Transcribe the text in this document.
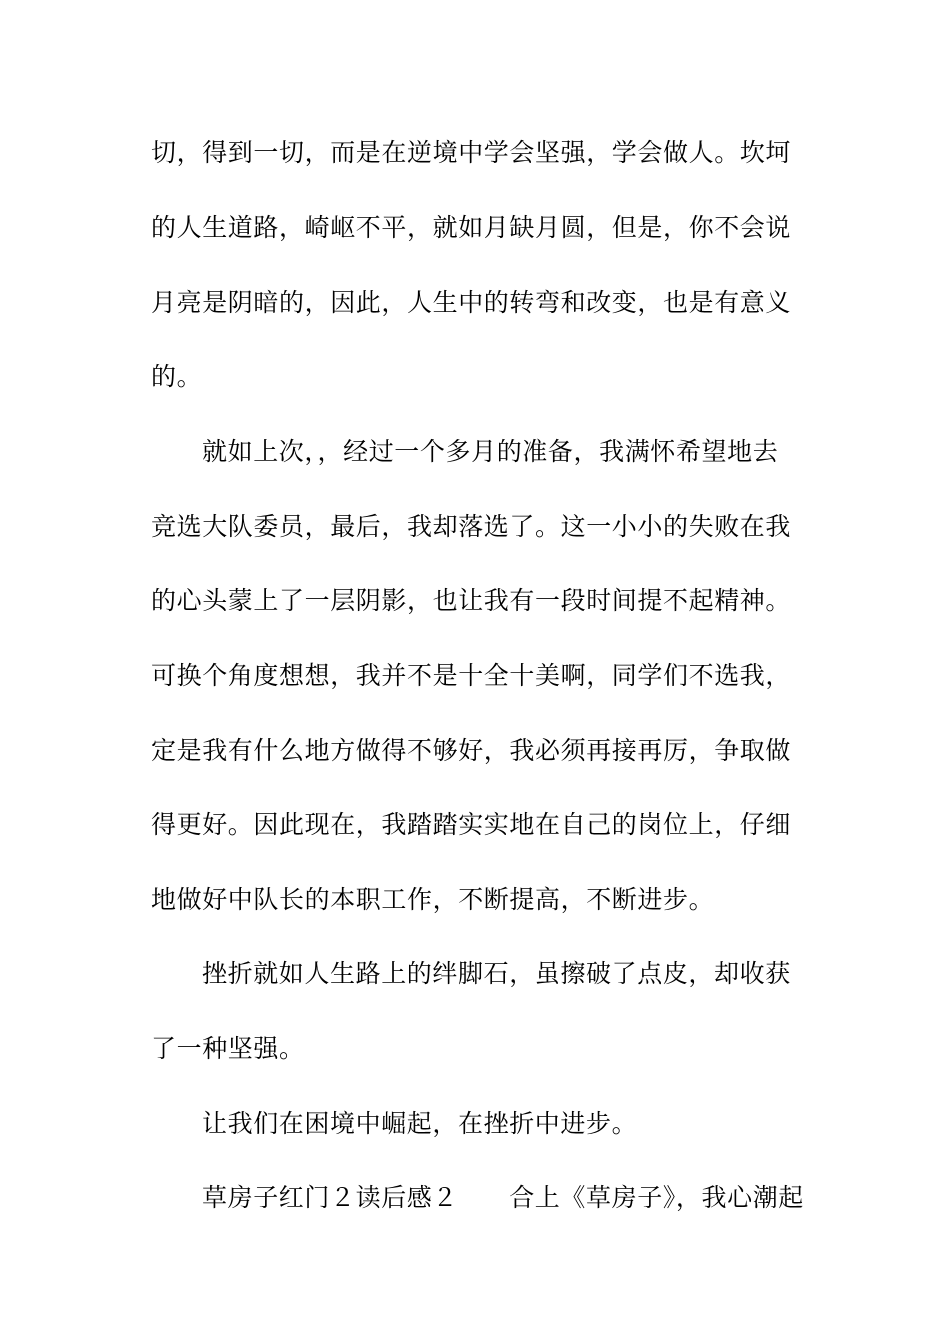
切，得到一切，而是在逆境中学会坚强，学会做人。坎坷
的人生道路，崎岖不平，就如月缺月圆，但是，你不会说
月亮是阴暗的，因此，人生中的转弯和改变，也是有意义
的。
就如上次，，经过一个多月的准备，我满怀希望地去
竞选大队委员，最后，我却落选了。这一小小的失败在我
的心头蒙上了一层阴影，也让我有一段时间提不起精神。
可换个角度想想，我并不是十全十美啊，同学们不选我，
定是我有什么地方做得不够好，我必须再接再厉，争取做
得更好。因此现在，我踏踏实实地在自己的岗位上，仔细
地做好中队长的本职工作，不断提高，不断进步。
挫折就如人生路上的绊脚石，虽擦破了点皮，却收获
了一种坚强。
让我们在困境中崛起，在挫折中进步。
草房子红门２读后感２　　合上《草房子》，我心潮起
